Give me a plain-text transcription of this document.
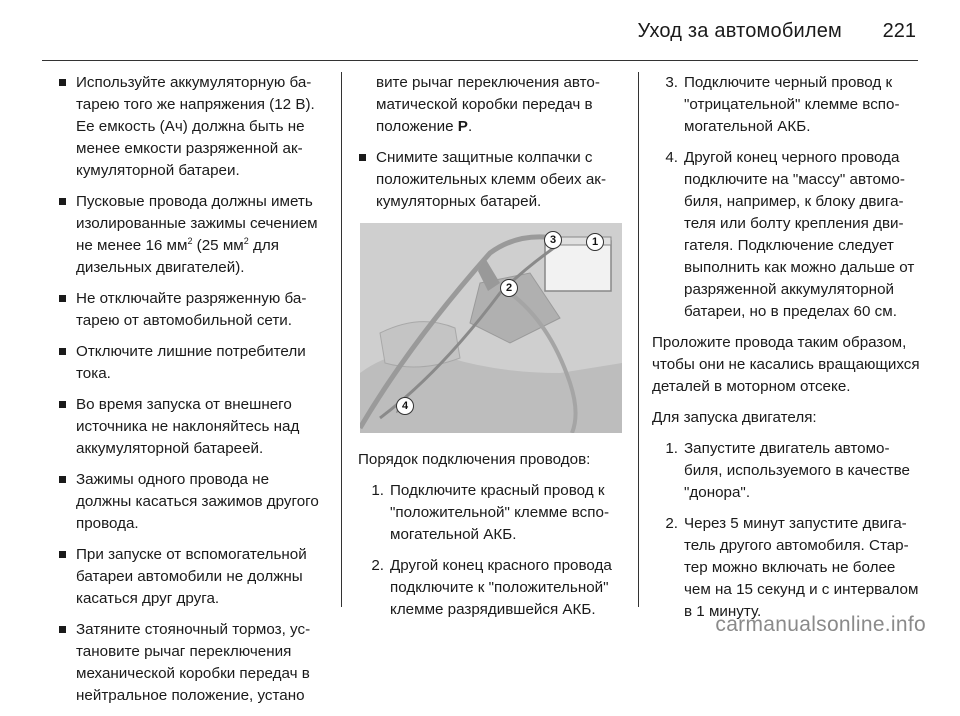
Уход за автомобилем 221
Используйте аккумуляторную батарею того же напряжения (12 В). Ее емкость (Ач) должна быть не менее емкости разряженной аккумуляторной батареи.
Пусковые провода должны иметь изолированные зажимы сечением не менее 16 $мм^2$ (25 $мм^2$ для дизельных двигателей).
Не отключайте разряженную батарею от автомобильной сети.
Отключите лишние потребители тока.
Во время запуска от внешнего источника не наклоняйтесь над аккумуляторной батареей.
Зажимы одного провода не должны касаться зажимов другого провода.
При запуске от вспомогательной батареи автомобили не должны касаться друг друга.
Затяните стояночный тормоз, установите рычаг переключения механической коробки передач в нейтральное положение, устано

вите рычаг переключения автоматической коробки передач в положение P.

Снимите защитные колпачки с положительных клемм обеих аккумуляторных батарей.
1
2
3
4

Порядок подключения проводов:

1. Подключите красный провод к "положительной" клемме вспомогательной АКБ.
2. Другой конец красного провода подключите к "положительной" клемме разрядившейся АКБ.
3. Подключите черный провод к "отрицательной" клемме вспомогательной АКБ.
4. Другой конец черного провода подключите на "массу" автомобиля, например, к блоку двигателя или болту крепления двигателя. Подключение следует выполнить как можно дальше от разряженной аккумуляторной батареи, но в пределах 60 см.

Проложите провода таким образом, чтобы они не касались вращающихся деталей в моторном отсеке.

Для запуска двигателя:

1. Запустите двигатель автомобиля, используемого в качестве "донора".
2. Через 5 минут запустите двигатель другого автомобиля. Стартер можно включать не более чем на 15 секунд и с интервалом в 1 минуту.
carmanualsonline.info
